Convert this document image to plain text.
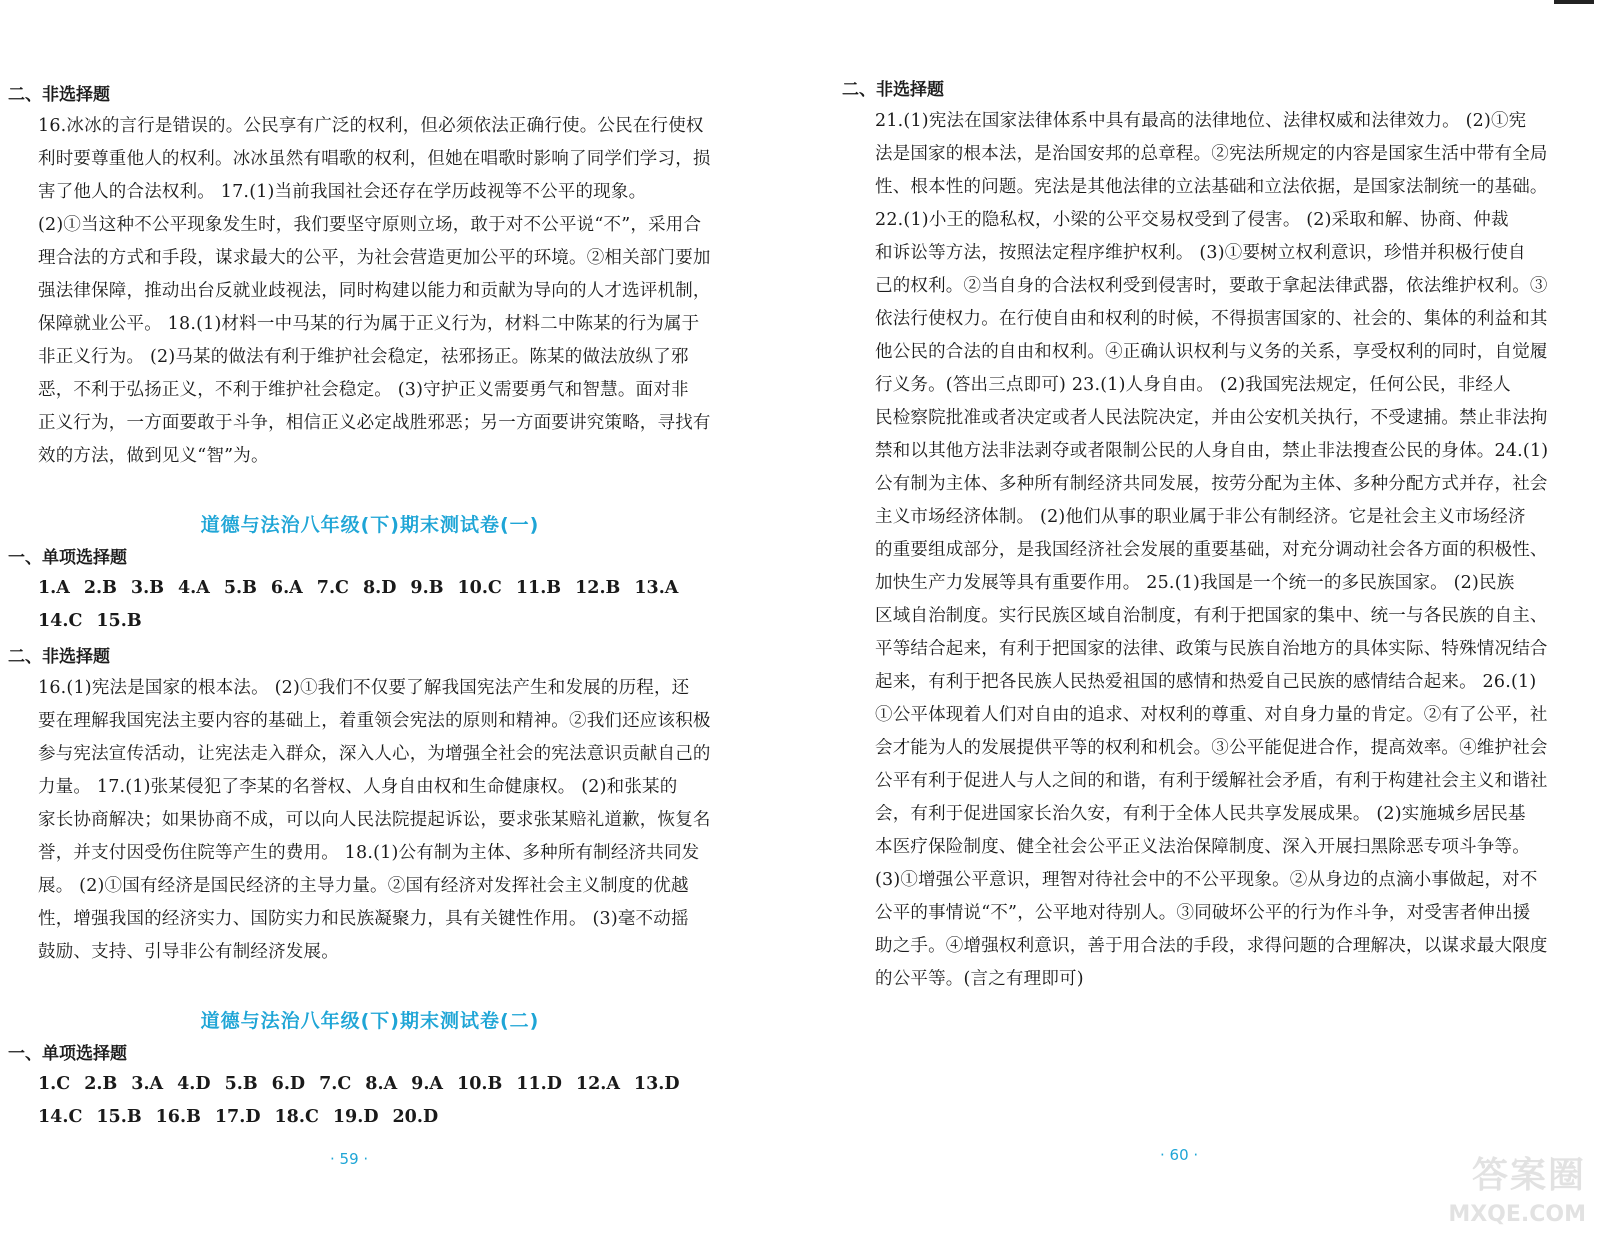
二、非选择题
16.冰冰的言行是错误的。公民享有广泛的权利，但必须依法正确行使。公民在行使权
利时要尊重他人的权利。冰冰虽然有唱歌的权利，但她在唱歌时影响了同学们学习，损
害了他人的合法权利。 17.(1)当前我国社会还存在学历歧视等不公平的现象。
(2)①当这种不公平现象发生时，我们要坚守原则立场，敢于对不公平说“不”，采用合
理合法的方式和手段，谋求最大的公平，为社会营造更加公平的环境。②相关部门要加
强法律保障，推动出台反就业歧视法，同时构建以能力和贡献为导向的人才选评机制，
保障就业公平。 18.(1)材料一中马某的行为属于正义行为，材料二中陈某的行为属于
非正义行为。 (2)马某的做法有利于维护社会稳定，祛邪扬正。陈某的做法放纵了邪
恶，不利于弘扬正义，不利于维护社会稳定。 (3)守护正义需要勇气和智慧。面对非
正义行为，一方面要敢于斗争，相信正义必定战胜邪恶；另一方面要讲究策略，寻找有
效的方法，做到见义“智”为。
道德与法治八年级(下)期末测试卷(一)
一、单项选择题
1.A 2.B 3.B 4.A 5.B 6.A 7.C 8.D 9.B 10.C 11.B 12.B 13.A
14.C 15.B
二、非选择题
16.(1)宪法是国家的根本法。 (2)①我们不仅要了解我国宪法产生和发展的历程，还
要在理解我国宪法主要内容的基础上，着重领会宪法的原则和精神。②我们还应该积极
参与宪法宣传活动，让宪法走入群众，深入人心，为增强全社会的宪法意识贡献自己的
力量。 17.(1)张某侵犯了李某的名誉权、人身自由权和生命健康权。 (2)和张某的
家长协商解决；如果协商不成，可以向人民法院提起诉讼，要求张某赔礼道歉，恢复名
誉，并支付因受伤住院等产生的费用。 18.(1)公有制为主体、多种所有制经济共同发
展。 (2)①国有经济是国民经济的主导力量。②国有经济对发挥社会主义制度的优越
性，增强我国的经济实力、国防实力和民族凝聚力，具有关键性作用。 (3)毫不动摇
鼓励、支持、引导非公有制经济发展。
道德与法治八年级(下)期末测试卷(二)
一、单项选择题
1.C 2.B 3.A 4.D 5.B 6.D 7.C 8.A 9.A 10.B 11.D 12.A 13.D
14.C 15.B 16.B 17.D 18.C 19.D 20.D
· 59 ·
二、非选择题
21.(1)宪法在国家法律体系中具有最高的法律地位、法律权威和法律效力。 (2)①宪
法是国家的根本法，是治国安邦的总章程。②宪法所规定的内容是国家生活中带有全局
性、根本性的问题。宪法是其他法律的立法基础和立法依据，是国家法制统一的基础。
22.(1)小王的隐私权，小梁的公平交易权受到了侵害。 (2)采取和解、协商、仲裁
和诉讼等方法，按照法定程序维护权利。 (3)①要树立权利意识，珍惜并积极行使自
己的权利。②当自身的合法权利受到侵害时，要敢于拿起法律武器，依法维护权利。③
依法行使权力。在行使自由和权利的时候，不得损害国家的、社会的、集体的利益和其
他公民的合法的自由和权利。④正确认识权利与义务的关系，享受权利的同时，自觉履
行义务。(答出三点即可) 23.(1)人身自由。 (2)我国宪法规定，任何公民，非经人
民检察院批准或者决定或者人民法院决定，并由公安机关执行，不受逮捕。禁止非法拘
禁和以其他方法非法剥夺或者限制公民的人身自由，禁止非法搜查公民的身体。24.(1)
公有制为主体、多种所有制经济共同发展，按劳分配为主体、多种分配方式并存，社会
主义市场经济体制。 (2)他们从事的职业属于非公有制经济。它是社会主义市场经济
的重要组成部分，是我国经济社会发展的重要基础，对充分调动社会各方面的积极性、
加快生产力发展等具有重要作用。 25.(1)我国是一个统一的多民族国家。 (2)民族
区域自治制度。实行民族区域自治制度，有利于把国家的集中、统一与各民族的自主、
平等结合起来，有利于把国家的法律、政策与民族自治地方的具体实际、特殊情况结合
起来，有利于把各民族人民热爱祖国的感情和热爱自己民族的感情结合起来。 26.(1)
①公平体现着人们对自由的追求、对权利的尊重、对自身力量的肯定。②有了公平，社
会才能为人的发展提供平等的权利和机会。③公平能促进合作，提高效率。④维护社会
公平有利于促进人与人之间的和谐，有利于缓解社会矛盾，有利于构建社会主义和谐社
会，有利于促进国家长治久安，有利于全体人民共享发展成果。 (2)实施城乡居民基
本医疗保险制度、健全社会公平正义法治保障制度、深入开展扫黑除恶专项斗争等。
(3)①增强公平意识，理智对待社会中的不公平现象。②从身边的点滴小事做起，对不
公平的事情说“不”，公平地对待别人。③同破坏公平的行为作斗争，对受害者伸出援
助之手。④增强权利意识，善于用合法的手段，求得问题的合理解决，以谋求最大限度
的公平等。(言之有理即可)
· 60 ·	答案圈
MXQE.COM
